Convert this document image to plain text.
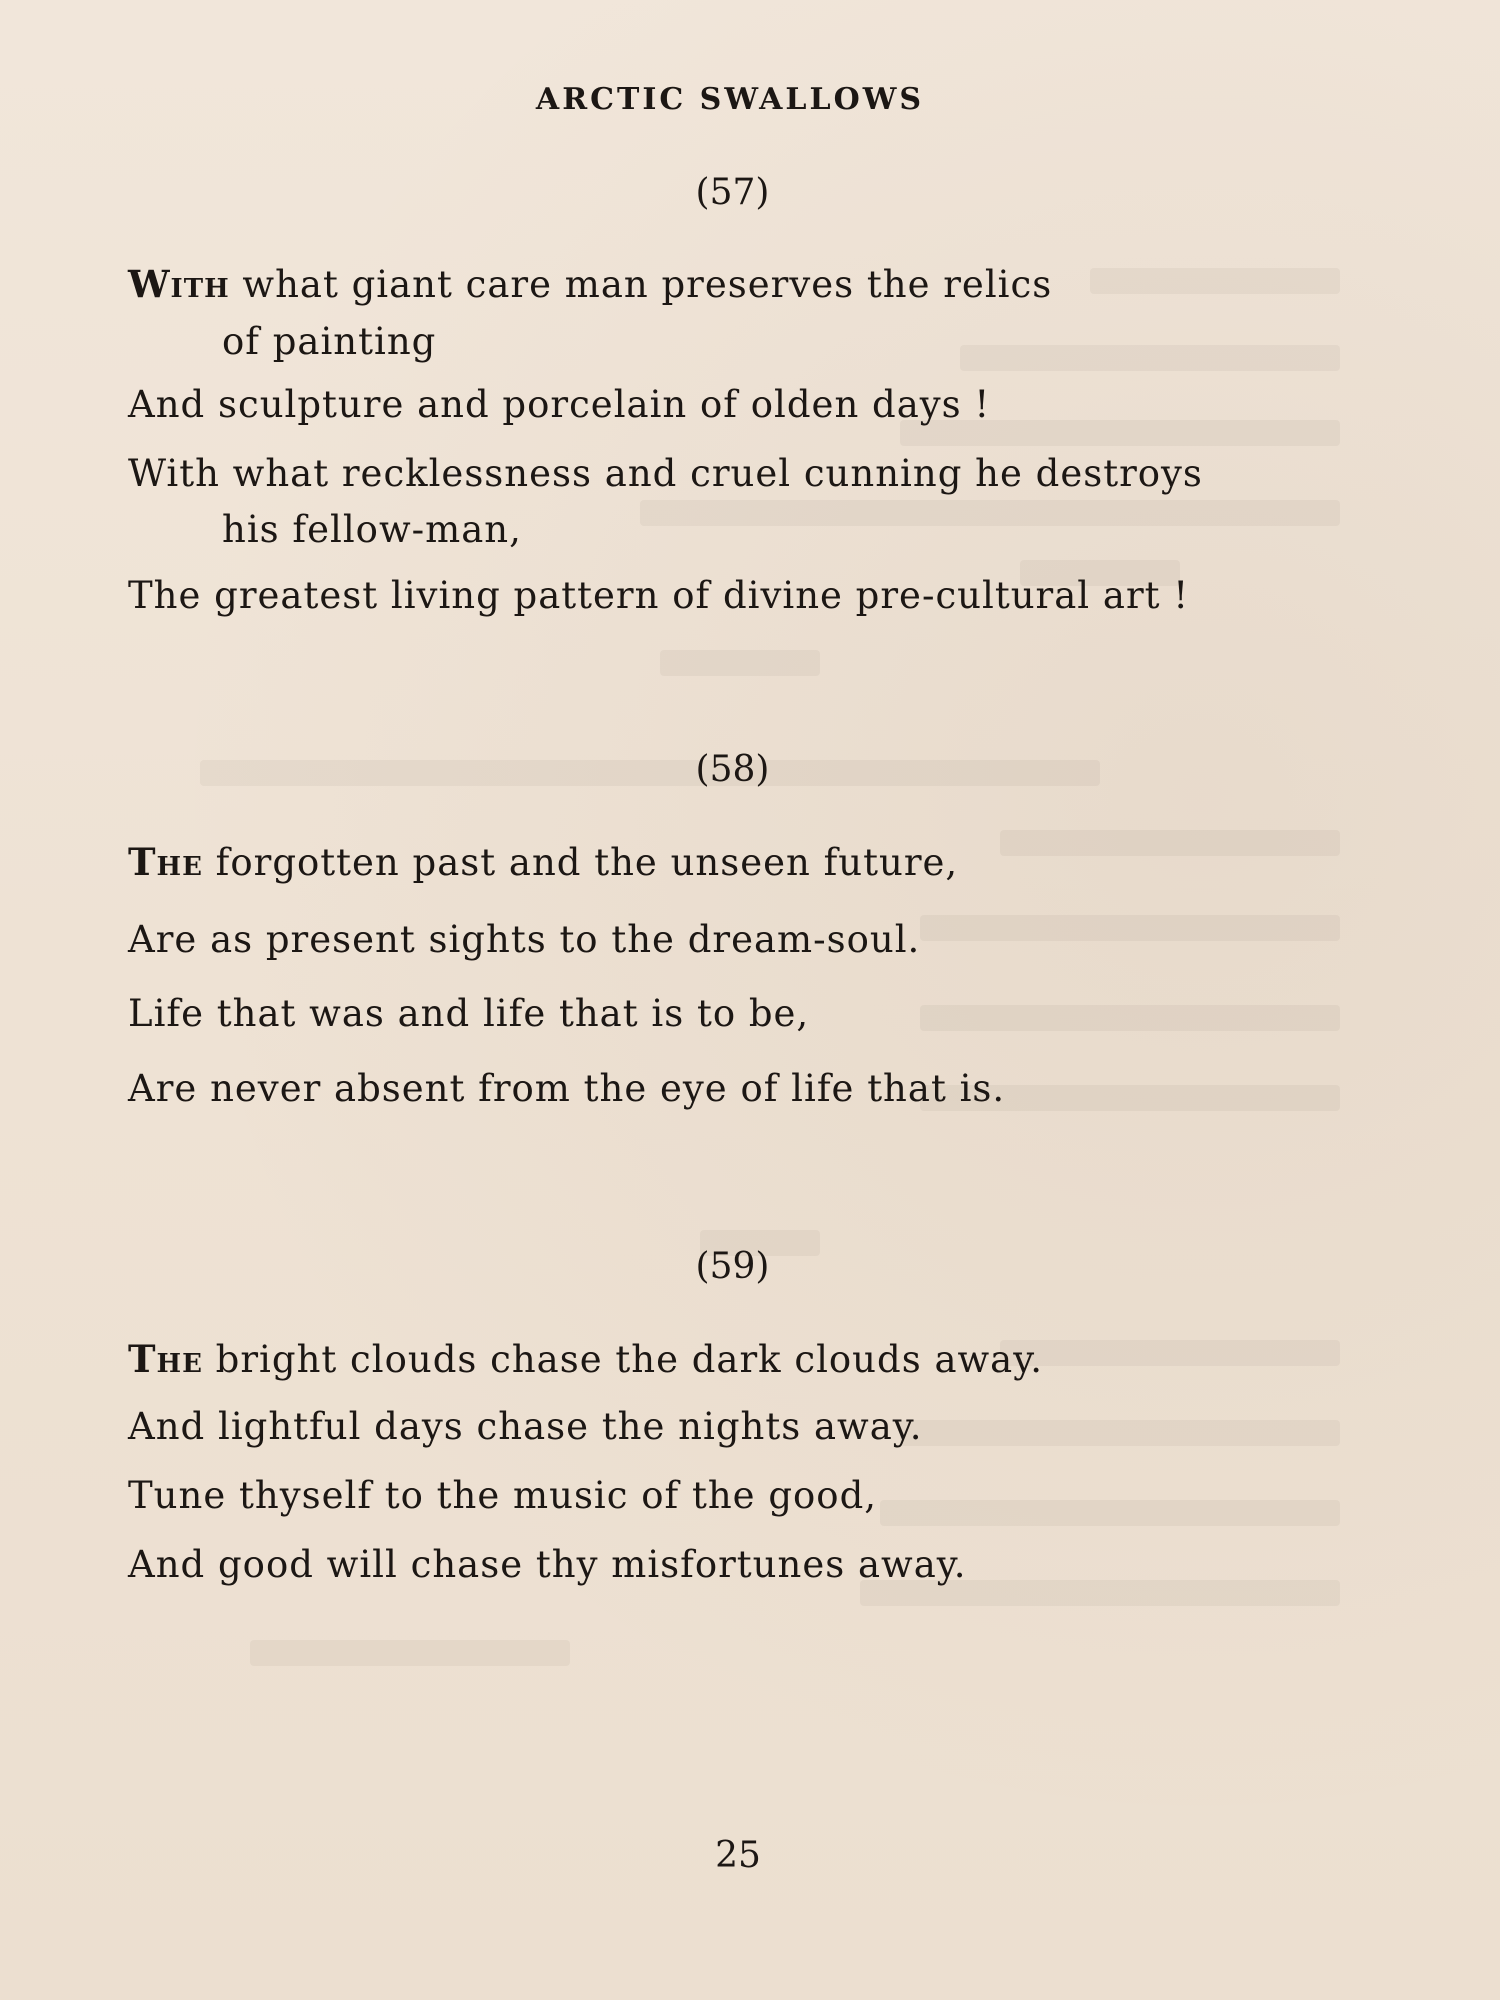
ARCTIC SWALLOWS
(57)
With what giant care man preserves the relics
of painting
And sculpture and porcelain of olden days !
With what recklessness and cruel cunning he destroys
his fellow-man,
The greatest living pattern of divine pre-cultural art !
(58)
The forgotten past and the unseen future,
Are as present sights to the dream-soul.
Life that was and life that is to be,
Are never absent from the eye of life that is.
(59)
The bright clouds chase the dark clouds away.
And lightful days chase the nights away.
Tune thyself to the music of the good,
And good will chase thy misfortunes away.
25
